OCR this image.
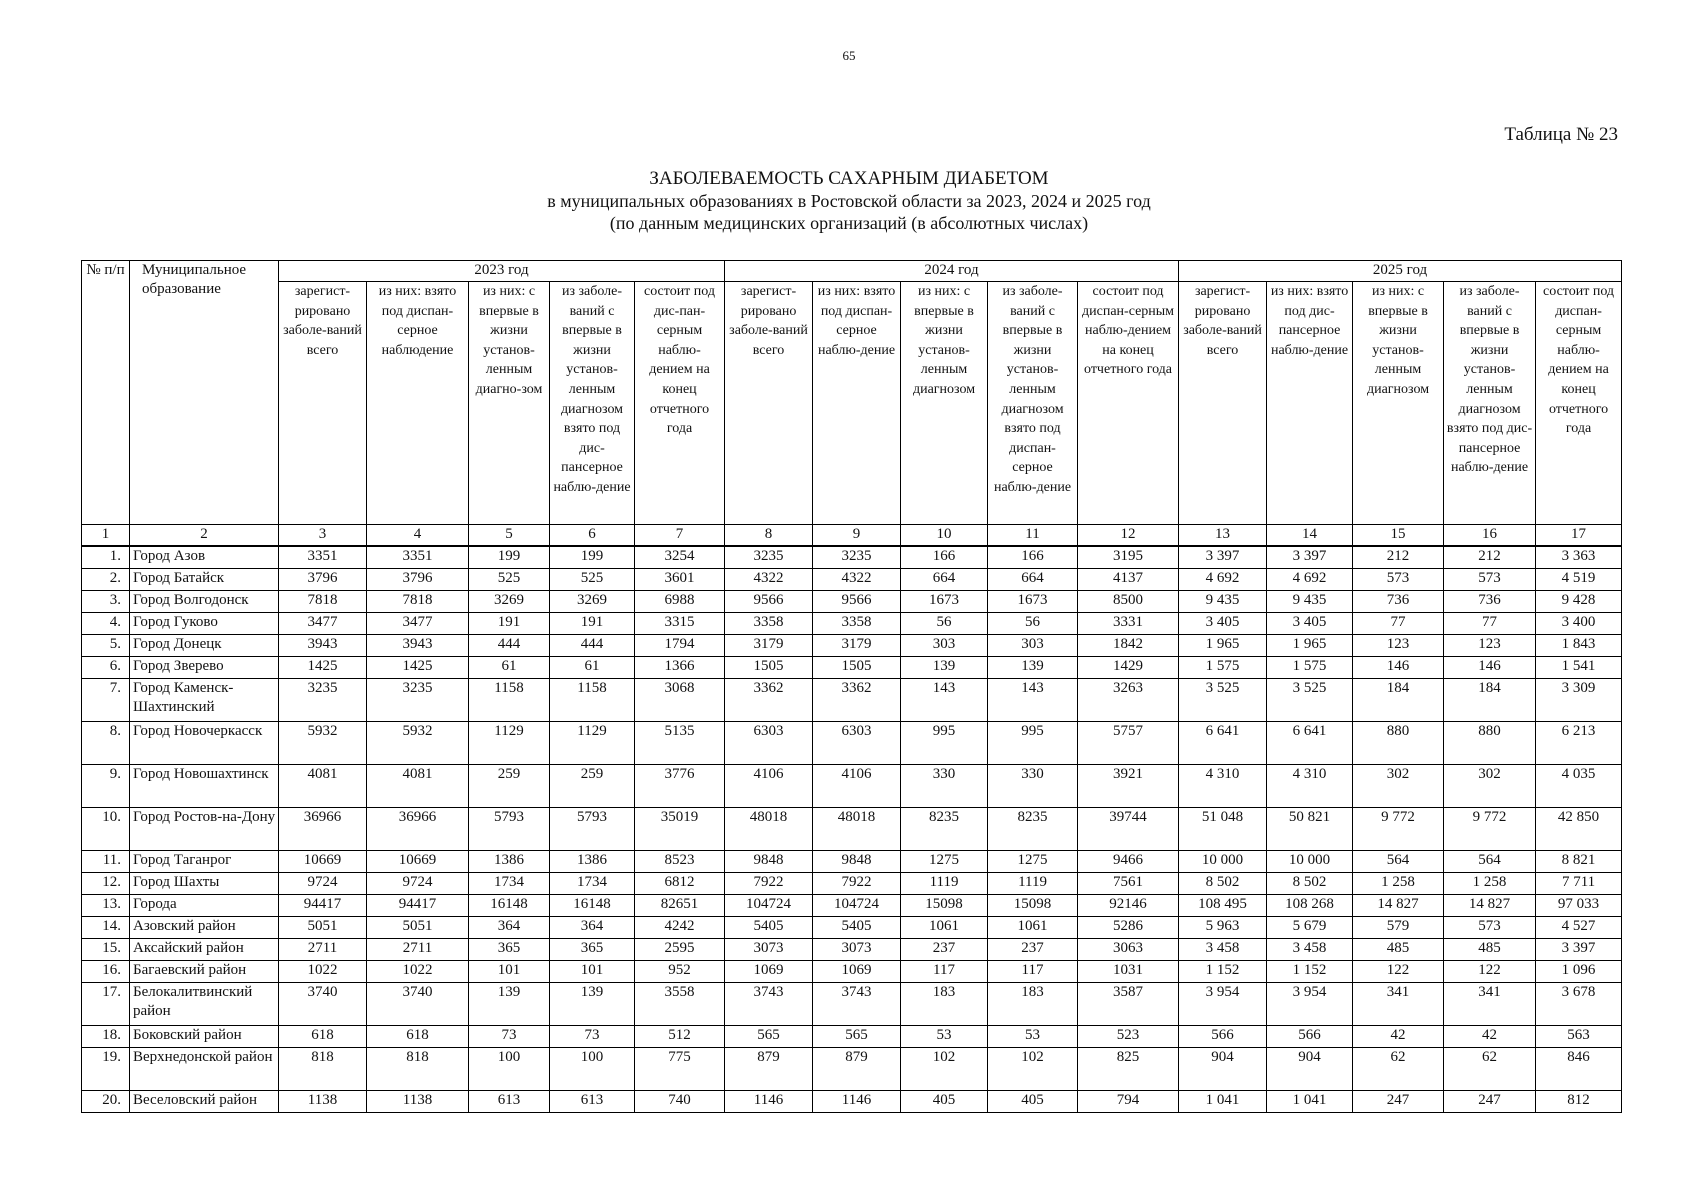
65
Таблица № 23
ЗАБОЛЕВАЕМОСТЬ САХАРНЫМ ДИАБЕТОМ
в муниципальных образованиях в Ростовской области за 2023, 2024 и 2025 год
(по данным медицинских организаций (в абсолютных числах)
№ п/п	Муниципальное образование	2023 год					2024 год					2025 год				
		зарегист-рировано заболе-ваний всего	из них: взято под диспан-серное наблюдение	из них: с впервые в жизни установ-ленным диагно-зом	из заболе-ваний с впервые в жизни установ-ленным диагнозом взято под дис-пансерное наблю-дение	состоит под дис-пан-серным наблю-дением на конец отчетного года	зарегист-рировано заболе-ваний всего	из них: взято под диспан-серное наблю-дение	из них: с впервые в жизни установ-ленным диагнозом	из заболе-ваний с впервые в жизни установ-ленным диагнозом взято под диспан-серное наблю-дение	состоит под диспан-серным наблю-дением на конец отчетного года	зарегист-рировано заболе-ваний всего	из них: взято под дис-пансерное наблю-дение	из них: с впервые в жизни установ-ленным диагнозом	из заболе-ваний с впервые в жизни установ-ленным диагнозом взято под дис-пансерное наблю-дение	состоит под диспан-серным наблю-дением на конец отчетного года
1	2	3	4	5	6	7	8	9	10	11	12	13	14	15	16	17
1.	Город Азов	3351	3351	199	199	3254	3235	3235	166	166	3195	3 397	3 397	212	212	3 363
2.	Город Батайск	3796	3796	525	525	3601	4322	4322	664	664	4137	4 692	4 692	573	573	4 519
3.	Город Волгодонск	7818	7818	3269	3269	6988	9566	9566	1673	1673	8500	9 435	9 435	736	736	9 428
4.	Город Гуково	3477	3477	191	191	3315	3358	3358	56	56	3331	3 405	3 405	77	77	3 400
5.	Город Донецк	3943	3943	444	444	1794	3179	3179	303	303	1842	1 965	1 965	123	123	1 843
6.	Город Зверево	1425	1425	61	61	1366	1505	1505	139	139	1429	1 575	1 575	146	146	1 541
7.	Город Каменск-Шахтинский	3235	3235	1158	1158	3068	3362	3362	143	143	3263	3 525	3 525	184	184	3 309
8.	Город Новочеркасск	5932	5932	1129	1129	5135	6303	6303	995	995	5757	6 641	6 641	880	880	6 213
9.	Город Новошахтинск	4081	4081	259	259	3776	4106	4106	330	330	3921	4 310	4 310	302	302	4 035
10.	Город Ростов-на-Дону	36966	36966	5793	5793	35019	48018	48018	8235	8235	39744	51 048	50 821	9 772	9 772	42 850
11.	Город Таганрог	10669	10669	1386	1386	8523	9848	9848	1275	1275	9466	10 000	10 000	564	564	8 821
12.	Город Шахты	9724	9724	1734	1734	6812	7922	7922	1119	1119	7561	8 502	8 502	1 258	1 258	7 711
13.	Города	94417	94417	16148	16148	82651	104724	104724	15098	15098	92146	108 495	108 268	14 827	14 827	97 033
14.	Азовский район	5051	5051	364	364	4242	5405	5405	1061	1061	5286	5 963	5 679	579	573	4 527
15.	Аксайский район	2711	2711	365	365	2595	3073	3073	237	237	3063	3 458	3 458	485	485	3 397
16.	Багаевский район	1022	1022	101	101	952	1069	1069	117	117	1031	1 152	1 152	122	122	1 096
17.	Белокалитвинский район	3740	3740	139	139	3558	3743	3743	183	183	3587	3 954	3 954	341	341	3 678
18.	Боковский район	618	618	73	73	512	565	565	53	53	523	566	566	42	42	563
19.	Верхнедонской район	818	818	100	100	775	879	879	102	102	825	904	904	62	62	846
20.	Веселовский район	1138	1138	613	613	740	1146	1146	405	405	794	1 041	1 041	247	247	812
